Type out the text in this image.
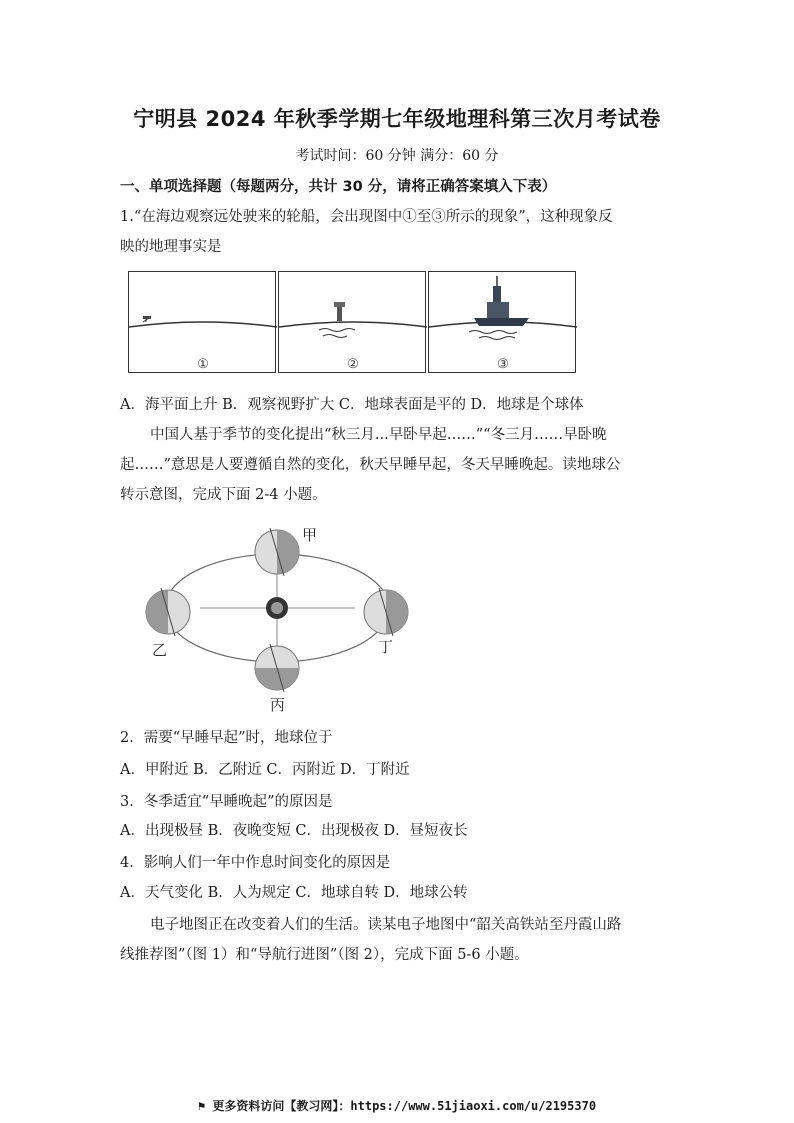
宁明县 2024 年秋季学期七年级地理科第三次月考试卷
考试时间：60 分钟 满分：60 分
一、单项选择题（每题两分，共计 30 分，请将正确答案填入下表）
1.“在海边观察远处驶来的轮船，会出现图中①至③所示的现象”，这种现象反
映的地理事实是
①	②	③
A．海平面上升 B．观察视野扩大 C．地球表面是平的 D．地球是个球体
中国人基于季节的变化提出“秋三月...早卧早起……”“冬三月……早卧晚
起……”意思是人要遵循自然的变化，秋天早睡早起，冬天早睡晚起。读地球公
转示意图，完成下面 2-4 小题。
甲
乙
丙
丁
2．需要“早睡早起”时，地球位于
A．甲附近 B．乙附近 C．丙附近 D．丁附近
3．冬季适宜“早睡晚起”的原因是
A．出现极昼 B．夜晚变短 C．出现极夜 D．昼短夜长
4．影响人们一年中作息时间变化的原因是
A．天气变化 B．人为规定 C．地球自转 D．地球公转
电子地图正在改变着人们的生活。读某电子地图中“韶关高铁站至丹霞山路
线推荐图”（图 1）和“导航行进图”（图 2），完成下面 5-6 小题。
⚑ 更多资料访问【教习网】：https://www.51jiaoxi.com/u/2195370
